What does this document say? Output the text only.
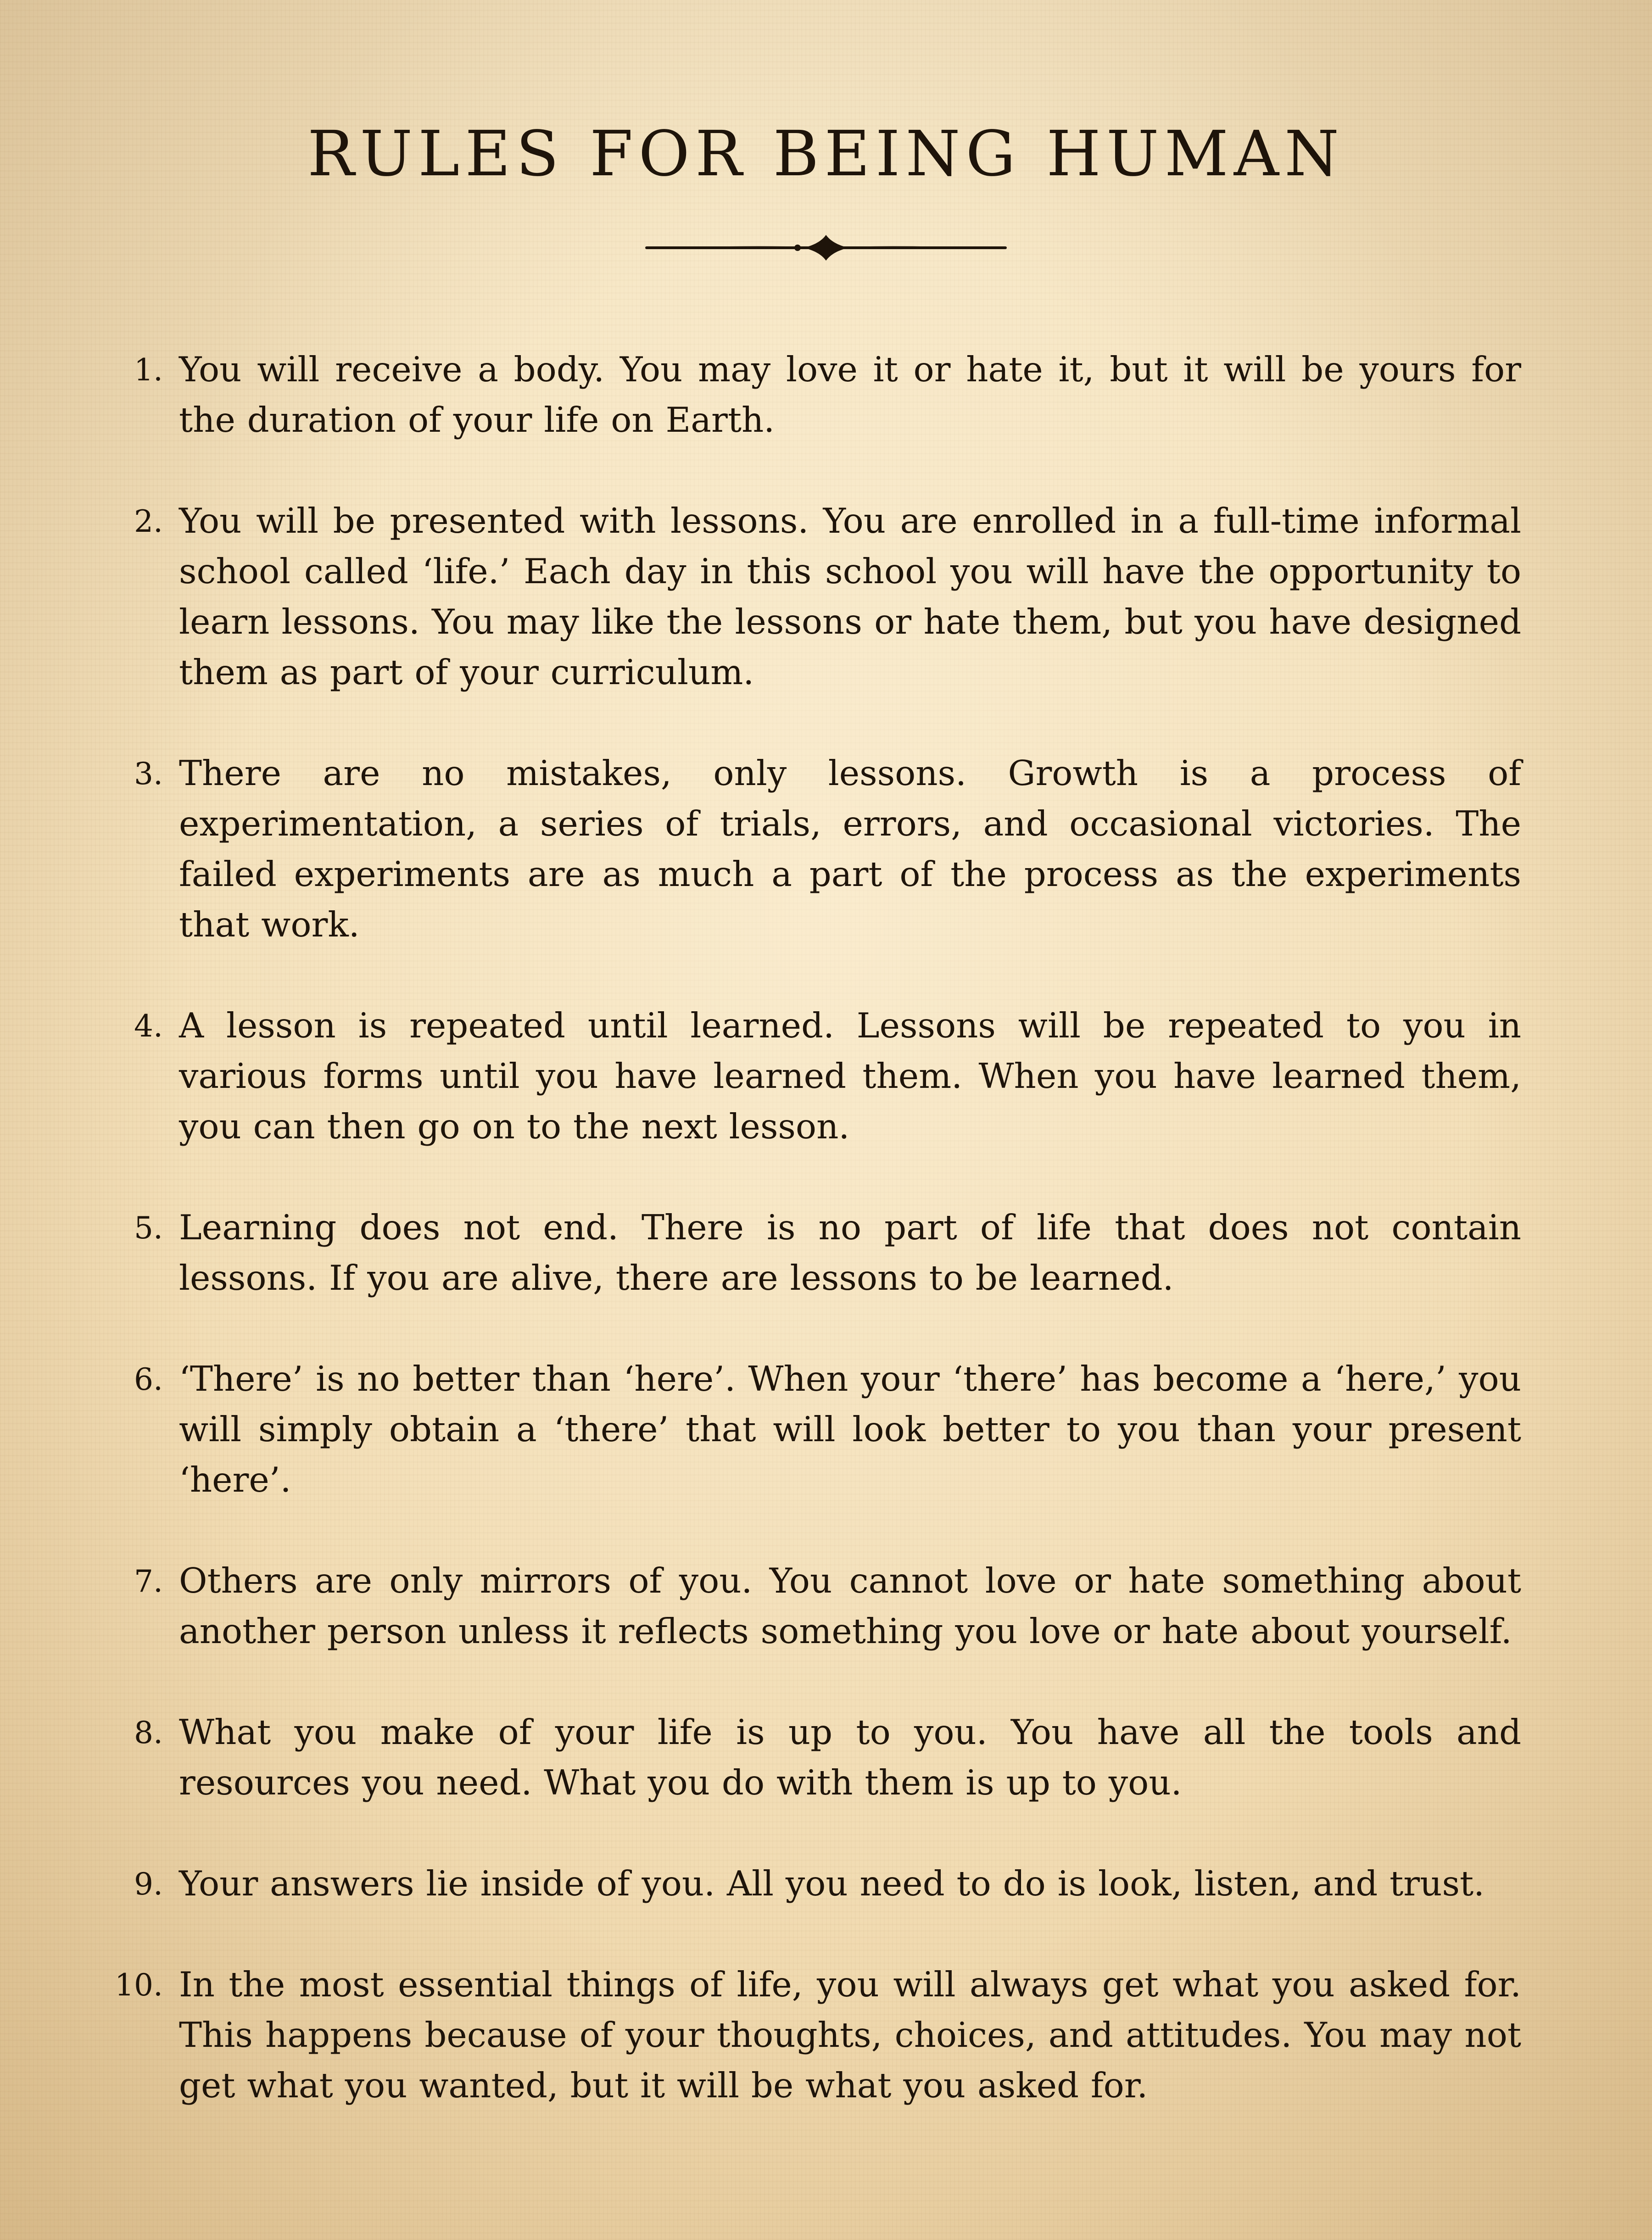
RULES FOR BEING HUMAN
1. You will receive a body. You may love it or hate it, but it will be yours for the duration of your life on Earth.
2. You will be presented with lessons. You are enrolled in a full-time informal school called ‘life.’ Each day in this school you will have the opportunity to learn lessons. You may like the lessons or hate them, but you have designed them as part of your curriculum.
3. There are no mistakes, only lessons. Growth is a process of experimentation, a series of trials, errors, and occasional victories. The failed experiments are as much a part of the process as the experiments that work.
4. A lesson is repeated until learned. Lessons will be repeated to you in various forms until you have learned them. When you have learned them, you can then go on to the next lesson.
5. Learning does not end. There is no part of life that does not contain lessons. If you are alive, there are lessons to be learned.
6. ‘There’ is no better than ‘here’. When your ‘there’ has become a ‘here,’ you will simply obtain a ‘there’ that will look better to you than your present ‘here’.
7. Others are only mirrors of you. You cannot love or hate something about another person unless it reflects something you love or hate about yourself.
8. What you make of your life is up to you. You have all the tools and resources you need. What you do with them is up to you.
9. Your answers lie inside of you. All you need to do is look, listen, and trust.
10. In the most essential things of life, you will always get what you asked for. This happens because of your thoughts, choices, and attitudes. You may not get what you wanted, but it will be what you asked for.
